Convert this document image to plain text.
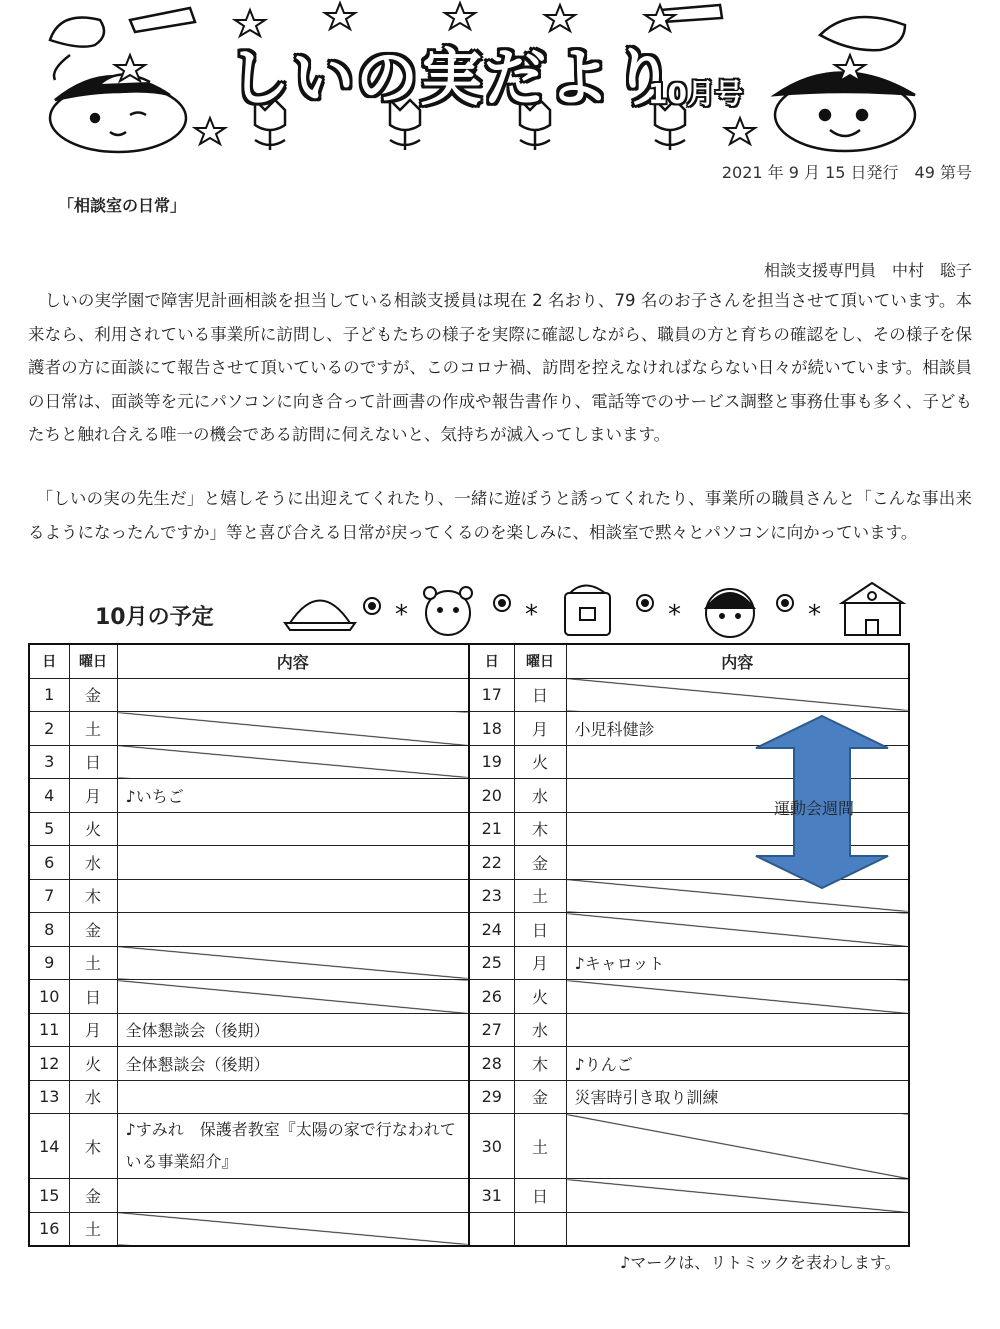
しいの実だより
10月号
2021 年 9 月 15 日発行　49 第号
「相談室の日常」
相談支援専門員　中村　聡子
　しいの実学園で障害児計画相談を担当している相談支援員は現在 2 名おり、79 名のお子さんを担当させて頂いています。本来なら、利用されている事業所に訪問し、子どもたちの様子を実際に確認しながら、職員の方と育ちの確認をし、その様子を保護者の方に面談にて報告させて頂いているのですが、このコロナ禍、訪問を控えなければならない日々が続いています。相談員の日常は、面談等を元にパソコンに向き合って計画書の作成や報告書作り、電話等でのサービス調整と事務仕事も多く、子どもたちと触れ合える唯一の機会である訪問に伺えないと、気持ちが滅入ってしまいます。
　「しいの実の先生だ」と嬉しそうに出迎えてくれたり、一緒に遊ぼうと誘ってくれたり、事業所の職員さんと「こんな事出来るようになったんですか」等と喜び合える日常が戻ってくるのを楽しみに、相談室で黙々とパソコンに向かっています。
10月の予定	*	*	*	*
日	曜日	内容	日	曜日	内容
1	金		17	日	
2	土		18	月	小児科健診
3	日		19	火	
4	月	♪いちご	20	水	
5	火		21	木	
6	水		22	金	
7	木		23	土	
8	金		24	日	
9	土		25	月	♪キャロット
10	日		26	火	
11	月	全体懇談会（後期）	27	水	
12	火	全体懇談会（後期）	28	木	♪りんご
13	水		29	金	災害時引き取り訓練
14	木	♪すみれ　保護者教室『太陽の家で行なわれている事業紹介』	30	土	
15	金		31	日	
16	土				
運動会週間
♪マークは、リトミックを表わします。
